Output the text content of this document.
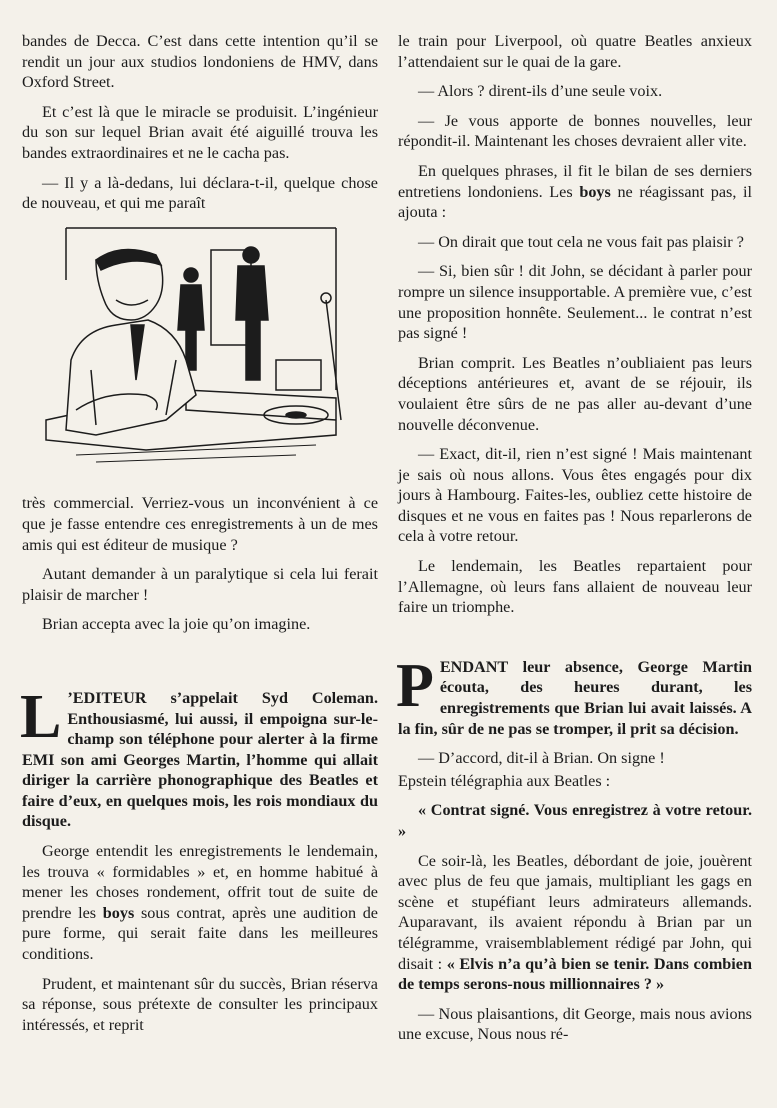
bandes de Decca. C’est dans cette intention qu’il se rendit un jour aux studios londoniens de HMV, dans Oxford Street.

Et c’est là que le miracle se produisit. L’ingénieur du son sur lequel Brian avait été aiguillé trouva les bandes extraordinaires et ne le cacha pas.

— Il y a là-dedans, lui déclara-t-il, quelque chose de nouveau, et qui me paraît

très commercial. Verriez-vous un inconvénient à ce que je fasse entendre ces enregistrements à un de mes amis qui est éditeur de musique ?

Autant demander à un paralytique si cela lui ferait plaisir de marcher !

Brian accepta avec la joie qu’on imagine.

L ’EDITEUR s’appelait Syd Coleman. Enthousiasmé, lui aussi, il empoigna sur-le-champ son téléphone pour alerter à la firme EMI son ami Georges Martin, l’homme qui allait diriger la carrière phonographique des Beatles et faire d’eux, en quelques mois, les rois mondiaux du disque.

George entendit les enregistrements le lendemain, les trouva « formidables » et, en homme habitué à mener les choses rondement, offrit tout de suite de prendre les boys sous contrat, après une audition de pure forme, qui serait faite dans les meilleures conditions.

Prudent, et maintenant sûr du succès, Brian réserva sa réponse, sous prétexte de consulter les principaux intéressés, et reprit

le train pour Liverpool, où quatre Beatles anxieux l’attendaient sur le quai de la gare.

— Alors ? dirent-ils d’une seule voix.

— Je vous apporte de bonnes nouvelles, leur répondit-il. Maintenant les choses devraient aller vite.

En quelques phrases, il fit le bilan de ses derniers entretiens londoniens. Les boys ne réagissant pas, il ajouta :

— On dirait que tout cela ne vous fait pas plaisir ?

— Si, bien sûr ! dit John, se décidant à parler pour rompre un silence insupportable. A première vue, c’est une proposition honnête. Seulement... le contrat n’est pas signé !

Brian comprit. Les Beatles n’oubliaient pas leurs déceptions antérieures et, avant de se réjouir, ils voulaient être sûrs de ne pas aller au-devant d’une nouvelle déconvenue.

— Exact, dit-il, rien n’est signé ! Mais maintenant je sais où nous allons. Vous êtes engagés pour dix jours à Hambourg. Faites-les, oubliez cette histoire de disques et ne vous en faites pas ! Nous reparlerons de cela à votre retour.

Le lendemain, les Beatles repartaient pour l’Allemagne, où leurs fans allaient de nouveau leur faire un triomphe.

P ENDANT leur absence, George Martin écouta, des heures durant, les enregistrements que Brian lui avait laissés. A la fin, sûr de ne pas se tromper, il prit sa décision.

— D’accord, dit-il à Brian. On signe !

Epstein télégraphia aux Beatles :

« Contrat signé. Vous enregistrez à votre retour. »

Ce soir-là, les Beatles, débordant de joie, jouèrent avec plus de feu que jamais, multipliant les gags en scène et stupéfiant leurs admirateurs allemands. Auparavant, ils avaient répondu à Brian par un télégramme, vraisemblablement rédigé par John, qui disait : « Elvis n’a qu’à bien se tenir. Dans combien de temps serons-nous millionnaires ? »

— Nous plaisantions, dit George, mais nous avions une excuse, Nous nous ré-
